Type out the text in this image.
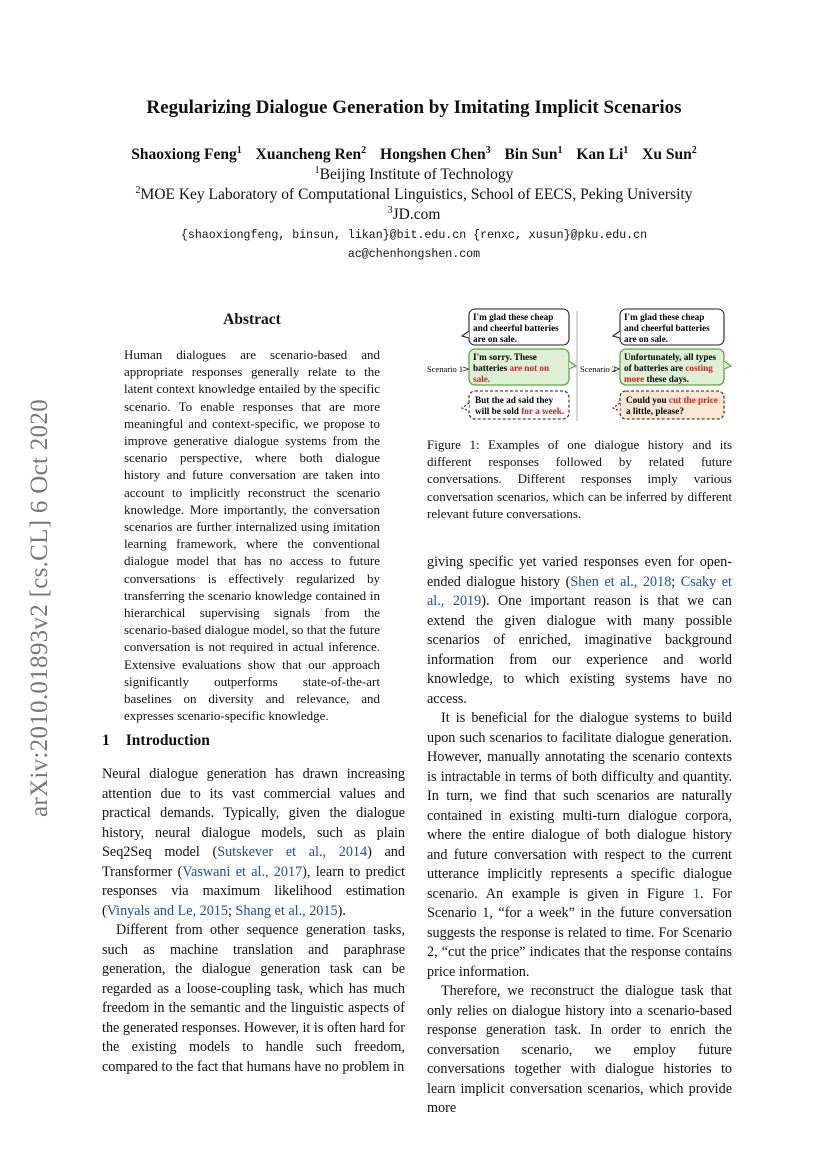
arXiv:2010.01893v2 [cs.CL] 6 Oct 2020
Regularizing Dialogue Generation by Imitating Implicit Scenarios
Shaoxiong Feng$^1$ Xuancheng Ren$^2$ Hongshen Chen$^3$ Bin Sun$^1$ Kan Li$^1$ Xu Sun$^2$
$^1$Beijing Institute of Technology
$^2$MOE Key Laboratory of Computational Linguistics, School of EECS, Peking University
$^3$JD.com
{shaoxiongfeng, binsun, likan}@bit.edu.cn {renxc, xusun}@pku.edu.cn
ac@chenhongshen.com
Abstract
Human dialogues are scenario-based and appropriate responses generally relate to the latent context knowledge entailed by the specific scenario. To enable responses that are more meaningful and context-specific, we propose to improve generative dialogue systems from the scenario perspective, where both dialogue history and future conversation are taken into account to implicitly reconstruct the scenario knowledge. More importantly, the conversation scenarios are further internalized using imitation learning framework, where the conventional dialogue model that has no access to future conversations is effectively regularized by transferring the scenario knowledge contained in hierarchical supervising signals from the scenario-based dialogue model, so that the future conversation is not required in actual inference. Extensive evaluations show that our approach significantly outperforms state-of-the-art baselines on diversity and relevance, and expresses scenario-specific knowledge.
I'm glad these cheap
and cheerful batteries
are on sale.
Scenario 1
I'm sorry. These
batteries are not on
sale.
But the ad said they
will be sold for a week.
I'm glad these cheap
and cheerful batteries
are on sale.
Scenario 2
Unfortunately, all types
of batteries are costing
more these days.
Could you cut the price
a little, please?
Figure 1: Examples of one dialogue history and its different responses followed by related future conversations. Different responses imply various conversation scenarios, which can be inferred by different relevant future conversations.
1 Introduction

Neural dialogue generation has drawn increasing attention due to its vast commercial values and practical demands. Typically, given the dialogue history, neural dialogue models, such as plain Seq2Seq model (Sutskever et al., 2014) and Transformer (Vaswani et al., 2017), learn to predict responses via maximum likelihood estimation (Vinyals and Le, 2015; Shang et al., 2015).

Different from other sequence generation tasks, such as machine translation and paraphrase generation, the dialogue generation task can be regarded as a loose-coupling task, which has much freedom in the semantic and the linguistic aspects of the generated responses. However, it is often hard for the existing models to handle such freedom, compared to the fact that humans have no problem in

giving specific yet varied responses even for open-ended dialogue history (Shen et al., 2018; Csaky et al., 2019). One important reason is that we can extend the given dialogue with many possible scenarios of enriched, imaginative background information from our experience and world knowledge, to which existing systems have no access.

It is beneficial for the dialogue systems to build upon such scenarios to facilitate dialogue generation. However, manually annotating the scenario contexts is intractable in terms of both difficulty and quantity. In turn, we find that such scenarios are naturally contained in existing multi-turn dialogue corpora, where the entire dialogue of both dialogue history and future conversation with respect to the current utterance implicitly represents a specific dialogue scenario. An example is given in Figure 1. For Scenario 1, “for a week” in the future conversation suggests the response is related to time. For Scenario 2, “cut the price” indicates that the response contains price information.

Therefore, we reconstruct the dialogue task that only relies on dialogue history into a scenario-based response generation task. In order to enrich the conversation scenario, we employ future conversations together with dialogue histories to learn implicit conversation scenarios, which provide more
